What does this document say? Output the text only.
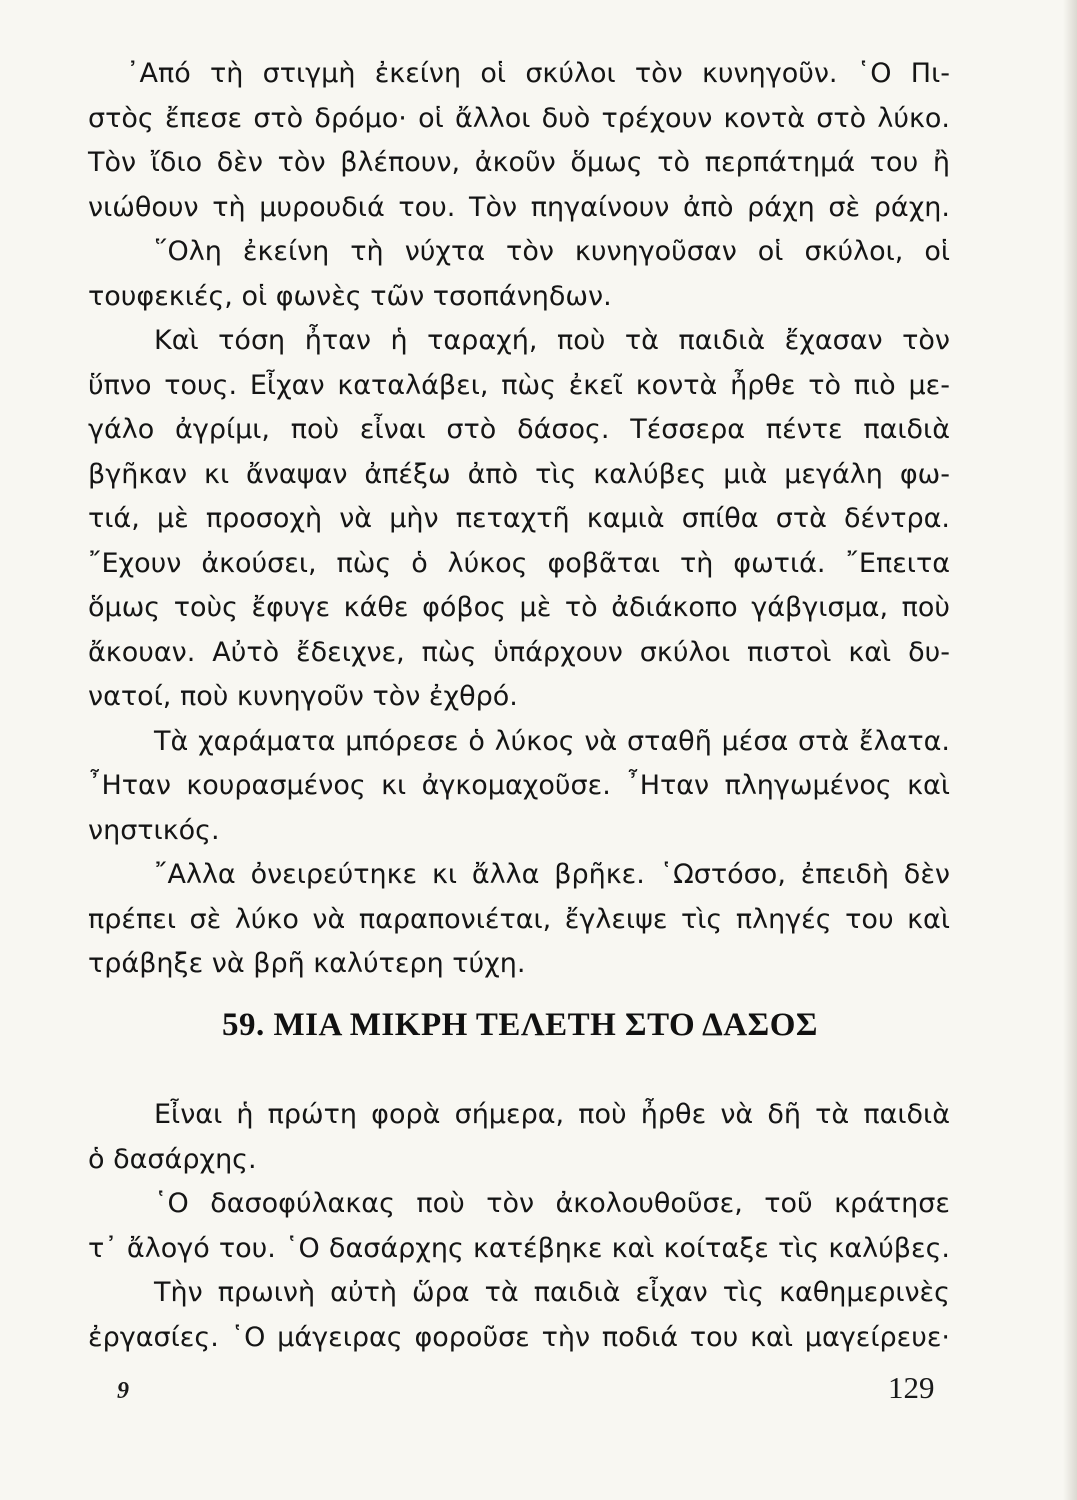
᾿Από τὴ στιγμὴ ἐκείνη οἱ σκύλοι τὸν κυνηγοῦν. ῾Ο Πι-
στὸς ἔπεσε στὸ δρόμο· οἱ ἄλλοι δυὸ τρέχουν κοντὰ στὸ λύκο.
Τὸν ἴδιο δὲν τὸν βλέπουν, ἀκοῦν ὅμως τὸ περπάτημά του ἢ
νιώθουν τὴ μυρουδιά του. Τὸν πηγαίνουν ἀπὸ ράχη σὲ ράχη.
῞Ολη ἐκείνη τὴ νύχτα τὸν κυνηγοῦσαν οἱ σκύλοι, οἱ
τουφεκιές, οἱ φωνὲς τῶν τσοπάνηδων.
Καὶ τόση ἦταν ἡ ταραχή, ποὺ τὰ παιδιὰ ἔχασαν τὸν
ὕπνο τους. Εἶχαν καταλάβει, πὼς ἐκεῖ κοντὰ ἦρθε τὸ πιὸ με-
γάλο ἀγρίμι, ποὺ εἶναι στὸ δάσος. Τέσσερα πέντε παιδιὰ
βγῆκαν κι ἄναψαν ἀπέξω ἀπὸ τὶς καλύβες μιὰ μεγάλη φω-
τιά, μὲ προσοχὴ νὰ μὴν πεταχτῆ καμιὰ σπίθα στὰ δέντρα.
῎Εχουν ἀκούσει, πὼς ὁ λύκος φοβᾶται τὴ φωτιά. ῎Επειτα
ὅμως τοὺς ἔφυγε κάθε φόβος μὲ τὸ ἀδιάκοπο γάβγισμα, ποὺ
ἄκουαν. Αὐτὸ ἔδειχνε, πὼς ὑπάρχουν σκύλοι πιστοὶ καὶ δυ-
νατοί, ποὺ κυνηγοῦν τὸν ἐχθρό.
Τὰ χαράματα μπόρεσε ὁ λύκος νὰ σταθῆ μέσα στὰ ἔλατα.
῏Ηταν κουρασμένος κι ἀγκομαχοῦσε. ῏Ηταν πληγωμένος καὶ
νηστικός.
῎Αλλα ὀνειρεύτηκε κι ἄλλα βρῆκε. ῾Ωστόσο, ἐπειδὴ δὲν
πρέπει σὲ λύκο νὰ παραπονιέται, ἔγλειψε τὶς πληγές του καὶ
τράβηξε νὰ βρῆ καλύτερη τύχη.
59. ΜΙΑ ΜΙΚΡΗ ΤΕΛΕΤΗ ΣΤΟ ΔΑΣΟΣ
Εἶναι ἡ πρώτη φορὰ σήμερα, ποὺ ἦρθε νὰ δῆ τὰ παιδιὰ
ὁ δασάρχης.
῾Ο δασοφύλακας ποὺ τὸν ἀκολουθοῦσε, τοῦ κράτησε
τ᾿ ἄλογό του. ῾Ο δασάρχης κατέβηκε καὶ κοίταξε τὶς καλύβες.
Τὴν πρωινὴ αὐτὴ ὥρα τὰ παιδιὰ εἶχαν τὶς καθημερινὲς
ἐργασίες. ῾Ο μάγειρας φοροῦσε τὴν ποδιά του καὶ μαγείρευε·
9	129
